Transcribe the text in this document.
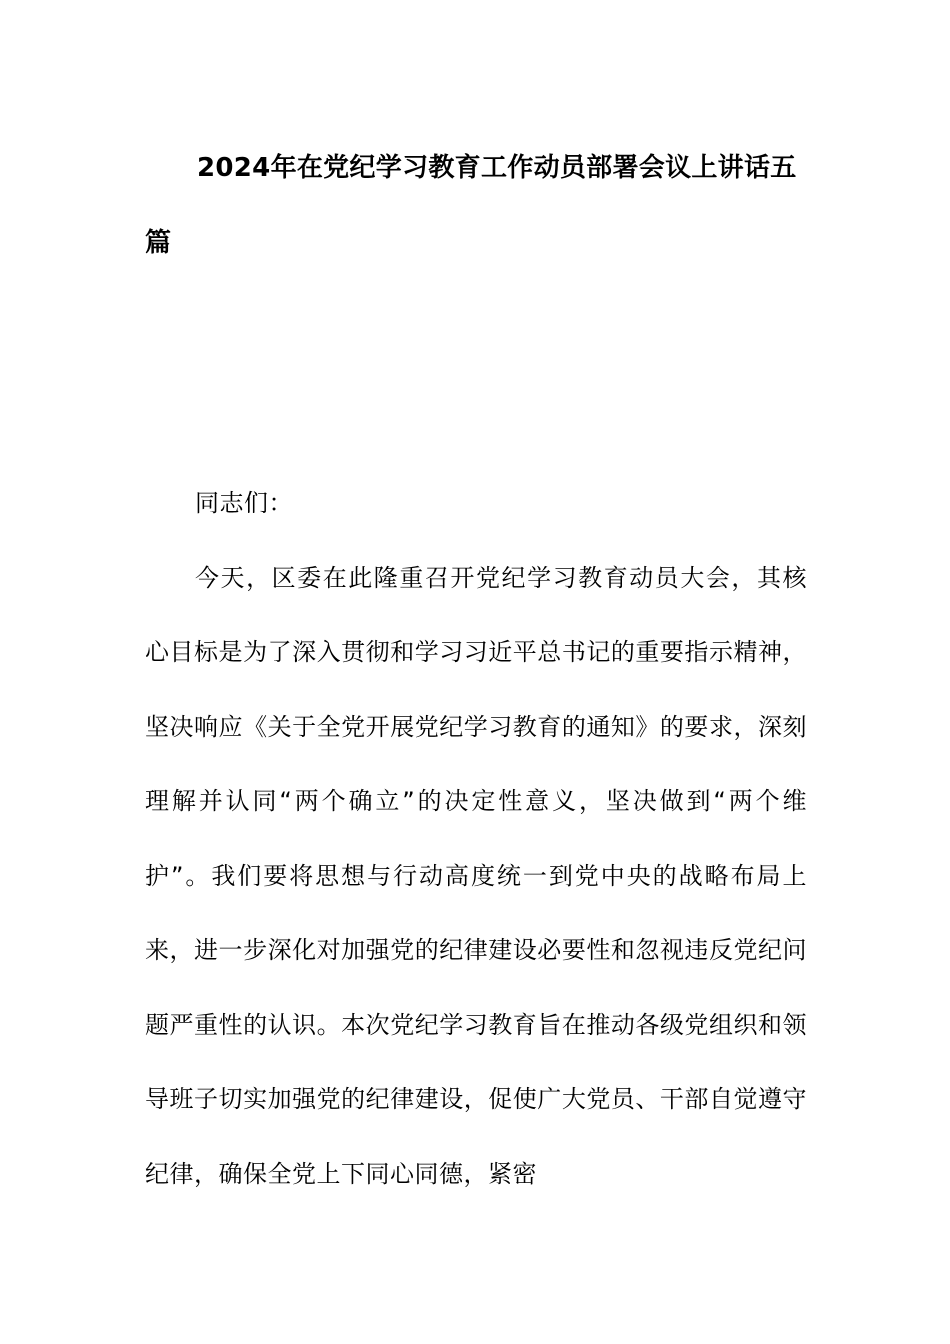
2024年在党纪学习教育工作动员部署会议上讲话五篇

同志们：

今天，区委在此隆重召开党纪学习教育动员大会，其核心目标是为了深入贯彻和学习习近平总书记的重要指示精神，坚决响应《关于全党开展党纪学习教育的通知》的要求，深刻理解并认同“两个确立”的决定性意义，坚决做到“两个维护”。我们要将思想与行动高度统一到党中央的战略布局上来，进一步深化对加强党的纪律建设必要性和忽视违反党纪问题严重性的认识。本次党纪学习教育旨在推动各级党组织和领导班子切实加强党的纪律建设，促使广大党员、干部自觉遵守纪律，确保全党上下同心同德，紧密
